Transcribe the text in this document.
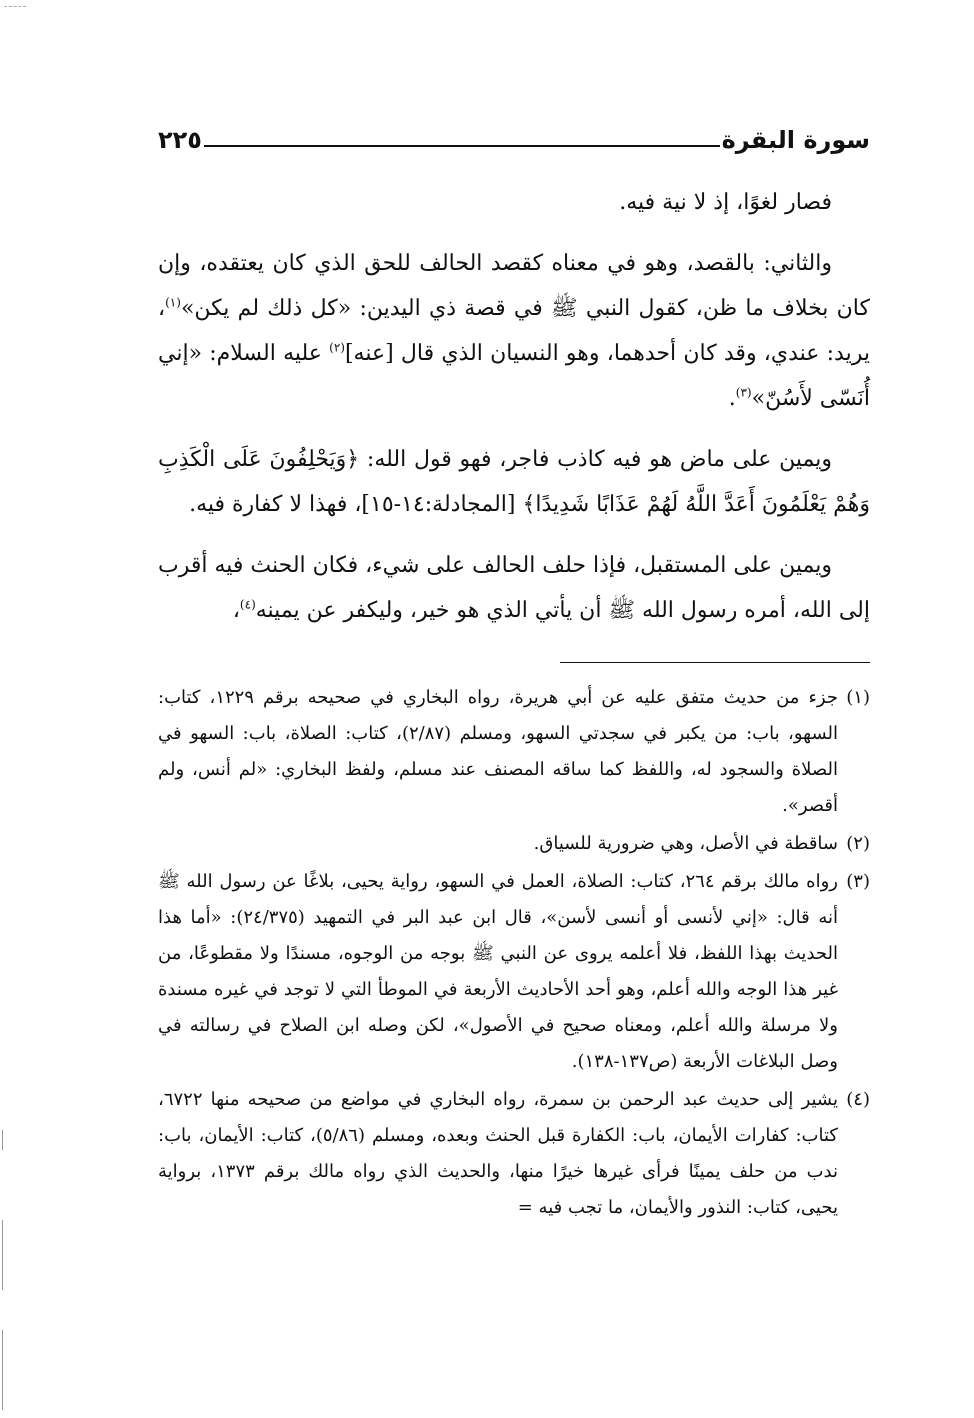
سورة البقرة
٢٢٥

فصار لغوًا، إذ لا نية فيه.

والثاني: بالقصد، وهو في معناه كقصد الحالف للحق الذي كان يعتقده، وإن كان بخلاف ما ظن، كقول النبي ﷺ في قصة ذي اليدين: «كل ذلك لم يكن»$^{(١)}$، يريد: عندي، وقد كان أحدهما، وهو النسيان الذي قال [عنه]$^{(٢)}$ عليه السلام: «إني أُنَسّى لأَسُنّ»$^{(٣)}$.

ويمين على ماض هو فيه كاذب فاجر، فهو قول الله: ﴿وَيَحْلِفُونَ عَلَى الْكَذِبِ وَهُمْ يَعْلَمُونَ أَعَدَّ اللَّهُ لَهُمْ عَذَابًا شَدِيدًا﴾ [المجادلة:١٤-١٥]، فهذا لا كفارة فيه.

ويمين على المستقبل، فإذا حلف الحالف على شيء، فكان الحنث فيه أقرب إلى الله، أمره رسول الله ﷺ أن يأتي الذي هو خير، وليكفر عن يمينه$^{(٤)}$،

(١)
جزء من حديث متفق عليه عن أبي هريرة، رواه البخاري في صحيحه برقم ١٢٢٩، كتاب: السهو، باب: من يكبر في سجدتي السهو، ومسلم (٢/٨٧)، كتاب: الصلاة، باب: السهو في الصلاة والسجود له، واللفظ كما ساقه المصنف عند مسلم، ولفظ البخاري: «لم أنس، ولم أقصر».

(٢)
ساقطة في الأصل، وهي ضرورية للسياق.

(٣)
رواه مالك برقم ٢٦٤، كتاب: الصلاة، العمل في السهو، رواية يحيى، بلاغًا عن رسول الله ﷺ أنه قال: «إني لأنسى أو أنسى لأسن»، قال ابن عبد البر في التمهيد (٢٤/٣٧٥): «أما هذا الحديث بهذا اللفظ، فلا أعلمه يروى عن النبي ﷺ بوجه من الوجوه، مسندًا ولا مقطوعًا، من غير هذا الوجه والله أعلم، وهو أحد الأحاديث الأربعة في الموطأ التي لا توجد في غيره مسندة ولا مرسلة والله أعلم، ومعناه صحيح في الأصول»، لكن وصله ابن الصلاح في رسالته في وصل البلاغات الأربعة (ص١٣٧-١٣٨).

(٤)
يشير إلى حديث عبد الرحمن بن سمرة، رواه البخاري في مواضع من صحيحه منها ٦٧٢٢، كتاب: كفارات الأيمان، باب: الكفارة قبل الحنث وبعده، ومسلم (٥/٨٦)، كتاب: الأيمان، باب: ندب من حلف يمينًا فرأى غيرها خيرًا منها، والحديث الذي رواه مالك برقم ١٣٧٣، برواية يحيى، كتاب: النذور والأيمان، ما تجب فيه =
